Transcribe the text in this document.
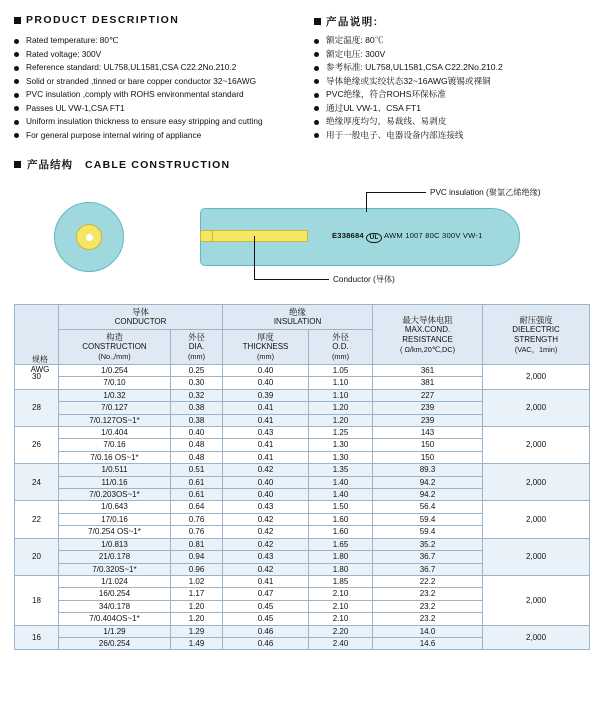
PRODUCT DESCRIPTION	产品说明:
Rated temperature: 80℃
Rated voltage: 300V
Reference standard: UL758,UL1581,CSA C22.2No.210.2
Solid or stranded ,tinned or bare copper conductor 32~16AWG
PVC insulation ,comply with ROHS environmental standard
Passes UL VW-1,CSA FT1
Uniform insulation thickness to ensure easy stripping and cutting
For general purpose internal wiring of appliance
额定温度: 80℃
额定电压: 300V
参考标准: UL758,UL1581,CSA C22.2No.210.2
导体絶缘或实绞状态32~16AWG镀锡或裸铜
PVC绝缘，符合ROHS环保标准
通过UL VW-1、CSA FT1
绝缘厚度均匀，易裁线、易剥皮
用于一般电子、电器设备内部连接线
产品结构 CABLE CONSTRUCTION
E338684 UL AWM 1007 80C 300V VW-1
PVC insulation (聚氯乙烯绝缘)
Conductor (导体)

	导体
CONDUCTOR		绝缘
INSULATION		最大导体电阻
MAX.COND.
RESISTANCE
( Ω/km,20℃,DC)	耐压强度
DIELECTRIC
STRENGTH
(VAC，1min)

	构造
CONSTRUCTION
(No.,/mm)	外径
DIA.
(mm)	厚度
THICKNESS
(mm)	外径
O.D.
(mm)		

30	1/0.254	0.25	0.40	1.05	361	2,000
	7/0.10	0.30	0.40	1.10	381	
28	1/0.32	0.32	0.39	1.10	227	2,000
	7/0.127	0.38	0.41	1.20	239	
	7/0.127OS~1*	0.38	0.41	1.20	239	
26	1/0.404	0.40	0.43	1.25	143	2,000
	7/0.16	0.48	0.41	1.30	150	
	7/0.16 OS~1*	0.48	0.41	1.30	150	
24	1/0.511	0.51	0.42	1.35	89.3	2,000
	11/0.16	0.61	0.40	1.40	94.2	
	7/0.203OS~1*	0.61	0.40	1.40	94.2	
22	1/0.643	0.64	0.43	1.50	56.4	2,000
	17/0.16	0.76	0.42	1.60	59.4	
	7/0.254 OS~1*	0.76	0.42	1.60	59.4	
20	1/0.813	0.81	0.42	1.65	35.2	2,000
	21/0.178	0.94	0.43	1.80	36.7	
	7/0.320S~1*	0.96	0.42	1.80	36.7	
18	1/1.024	1.02	0.41	1.85	22.2	2,000
	16/0.254	1.17	0.47	2.10	23.2	
	34/0.178	1.20	0.45	2.10	23.2	
	7/0.404OS~1*	1.20	0.45	2.10	23.2	
16	1/1.29	1.29	0.46	2.20	14.0	2,000
	26/0.254	1.49	0.46	2.40	14.6	
规格
AWG
